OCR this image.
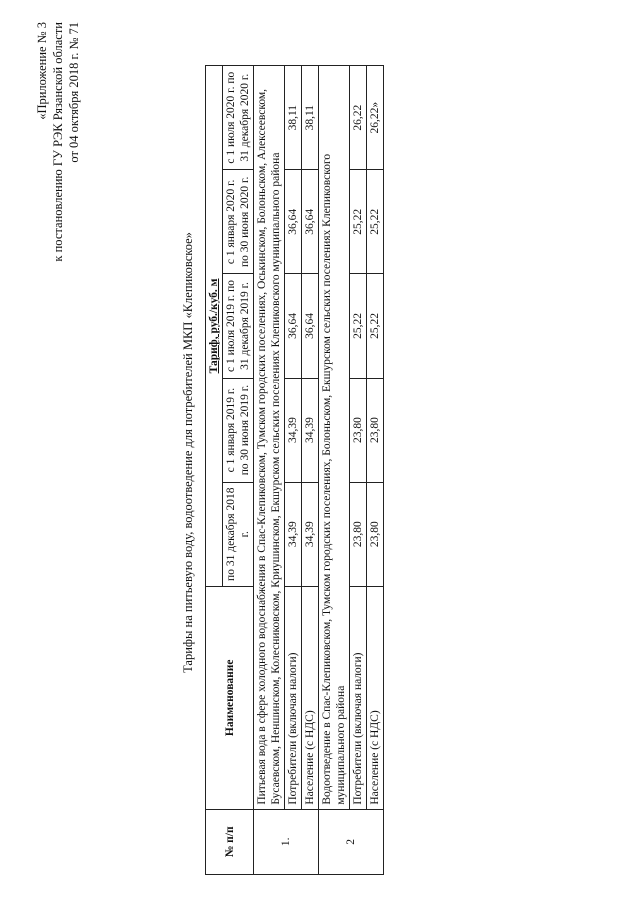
«Приложение № 3 к постановлению ГУ РЭК Рязанской области от 04 октября 2018 г. № 71
Тарифы на питьевую воду, водоотведение для потребителей МКП «Клепиковское»
№ п/п	Наименование	Тариф, руб./куб. м				
		по 31 декабря 2018 г.	с 1 января 2019 г. по 30 июня 2019 г.	с 1 июля 2019 г. по 31 декабря 2019 г.	с 1 января 2020 г. по 30 июня 2020 г.	с 1 июля 2020 г. по 31 декабря 2020 г.
1.	Питьевая вода в сфере холодного водоснабжения в Спас-Клепиковском, Тумском городских поселениях, Оськинском, Болоньском, Алексеевском, Бусаевском, Неншинском, Колесниковском, Криушинском, Екшурском сельских поселениях Клепиковского муниципального района					
	Потребители (включая налоги)	34,39	34,39	36,64	36,64	38,11
	Население (с НДС)	34,39	34,39	36,64	36,64	38,11
2	Водоотведение в Спас-Клепиковском, Тумском городских поселениях, Болоньском, Екшурском сельских поселениях Клепиковского муниципального района					
	Потребители (включая налоги)	23,80	23,80	25,22	25,22	26,22
	Население (с НДС)	23,80	23,80	25,22	25,22	26,22»
